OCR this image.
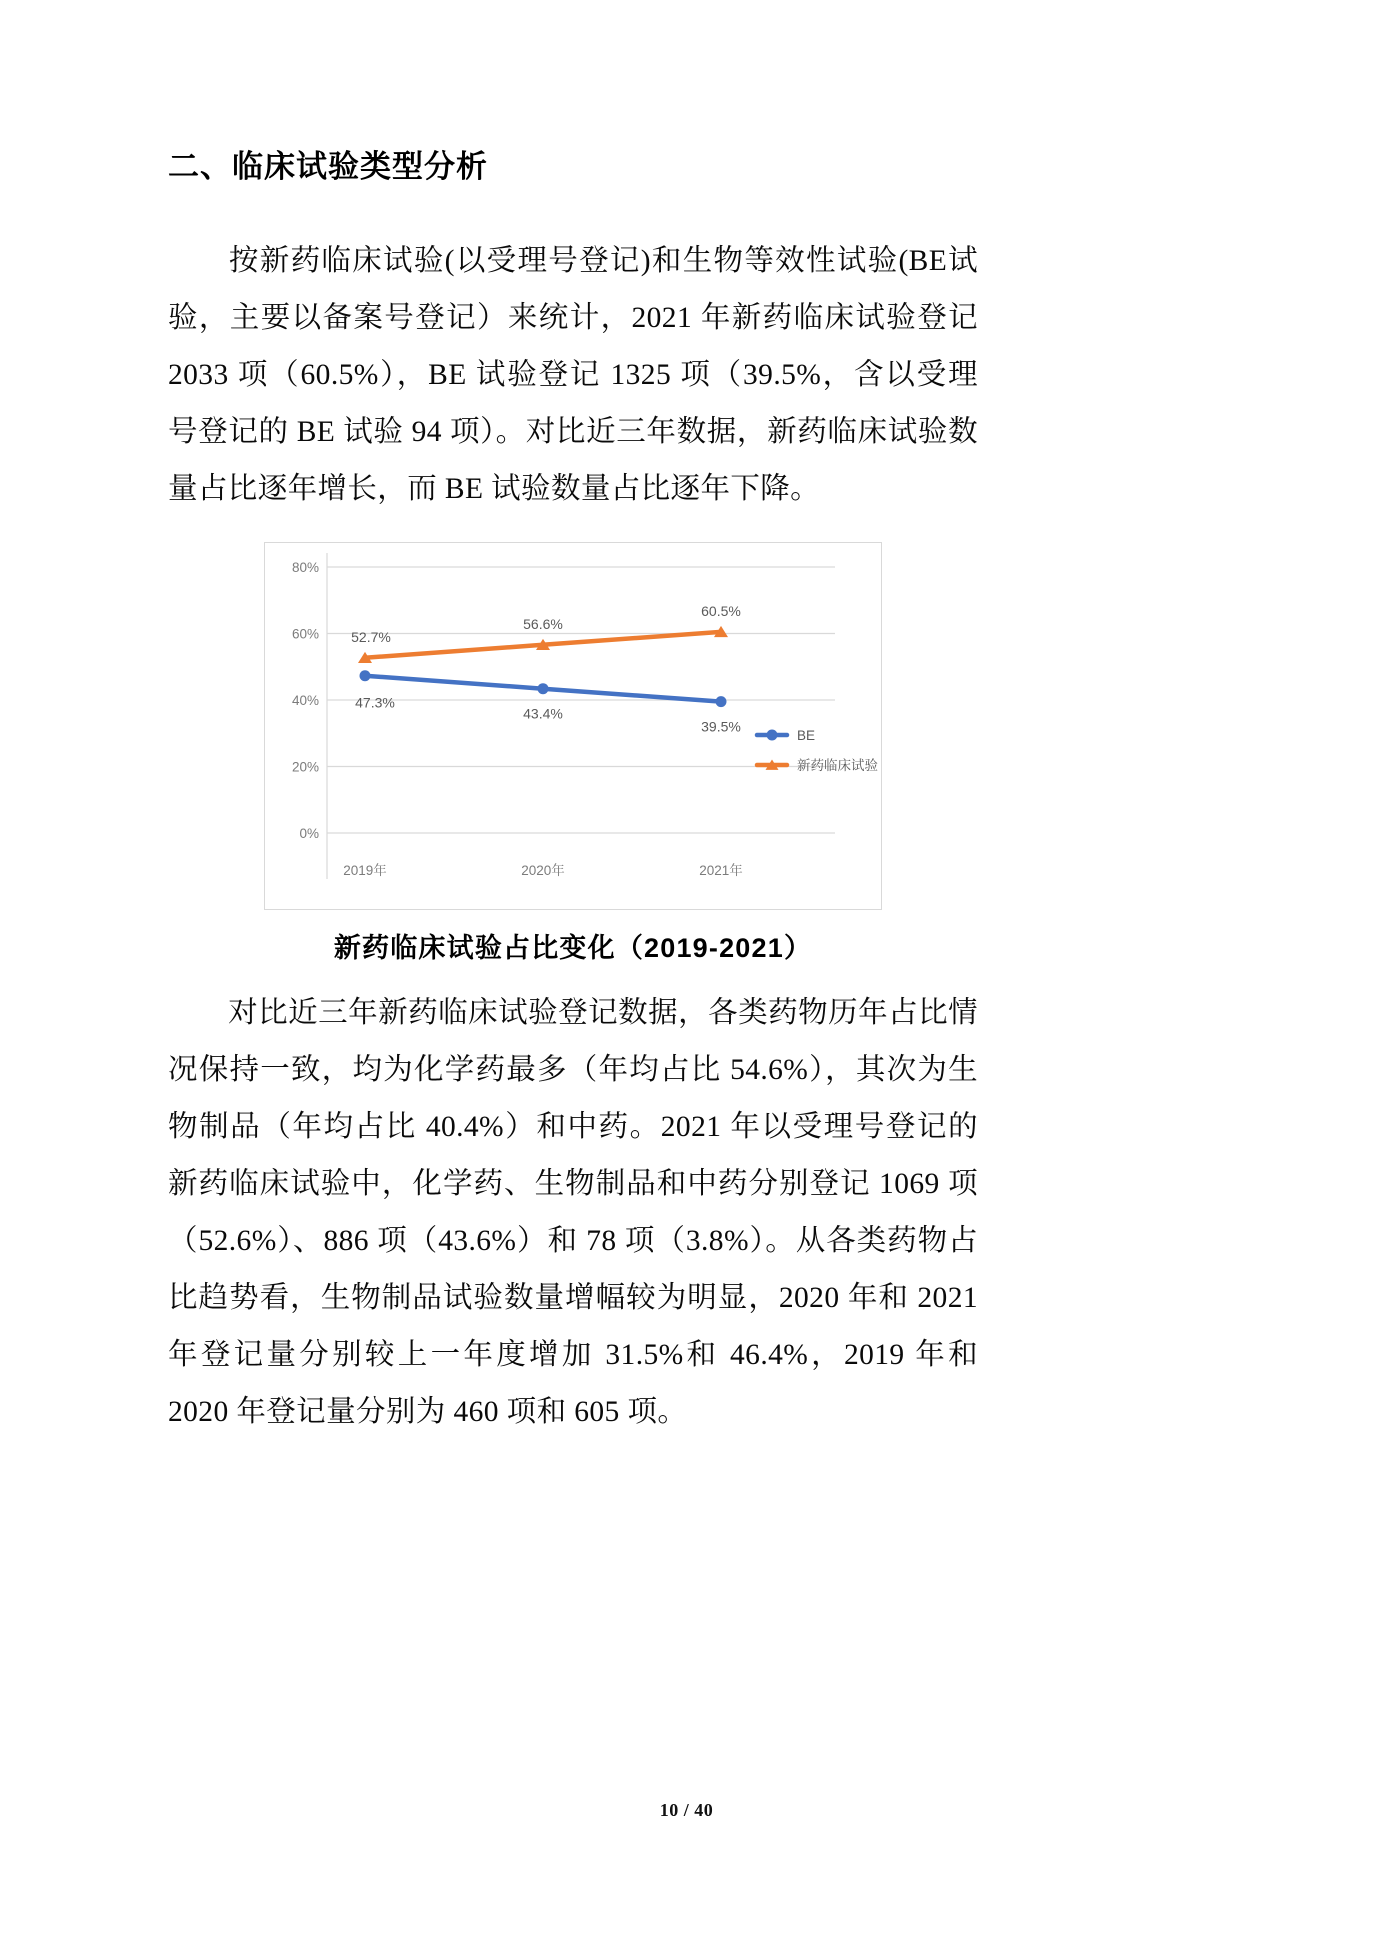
二、临床试验类型分析

按新药临床试验(以受理号登记)和生物等效性试验(BE试验，主要以备案号登记）来统计，2021 年新药临床试验登记 2033 项（60.5%），BE 试验登记 1325 项（39.5%，含以受理号登记的 BE 试验 94 项）。对比近三年数据，新药临床试验数量占比逐年增长，而 BE 试验数量占比逐年下降。

0%
20%
40%
60%
80%
47.3%
43.4%
39.5%
52.7%
56.6%
60.5%
2019年	2020年	2021年
BE
新药临床试验
新药临床试验占比变化（2019-2021）

对比近三年新药临床试验登记数据，各类药物历年占比情况保持一致，均为化学药最多（年均占比 54.6%），其次为生物制品（年均占比 40.4%）和中药。2021 年以受理号登记的新药临床试验中，化学药、生物制品和中药分别登记 1069 项（52.6%）、886 项（43.6%）和 78 项（3.8%）。从各类药物占比趋势看，生物制品试验数量增幅较为明显，2020 年和 2021 年登记量分别较上一年度增加 31.5%和 46.4%，2019 年和 2020 年登记量分别为 460 项和 605 项。

10 / 40
